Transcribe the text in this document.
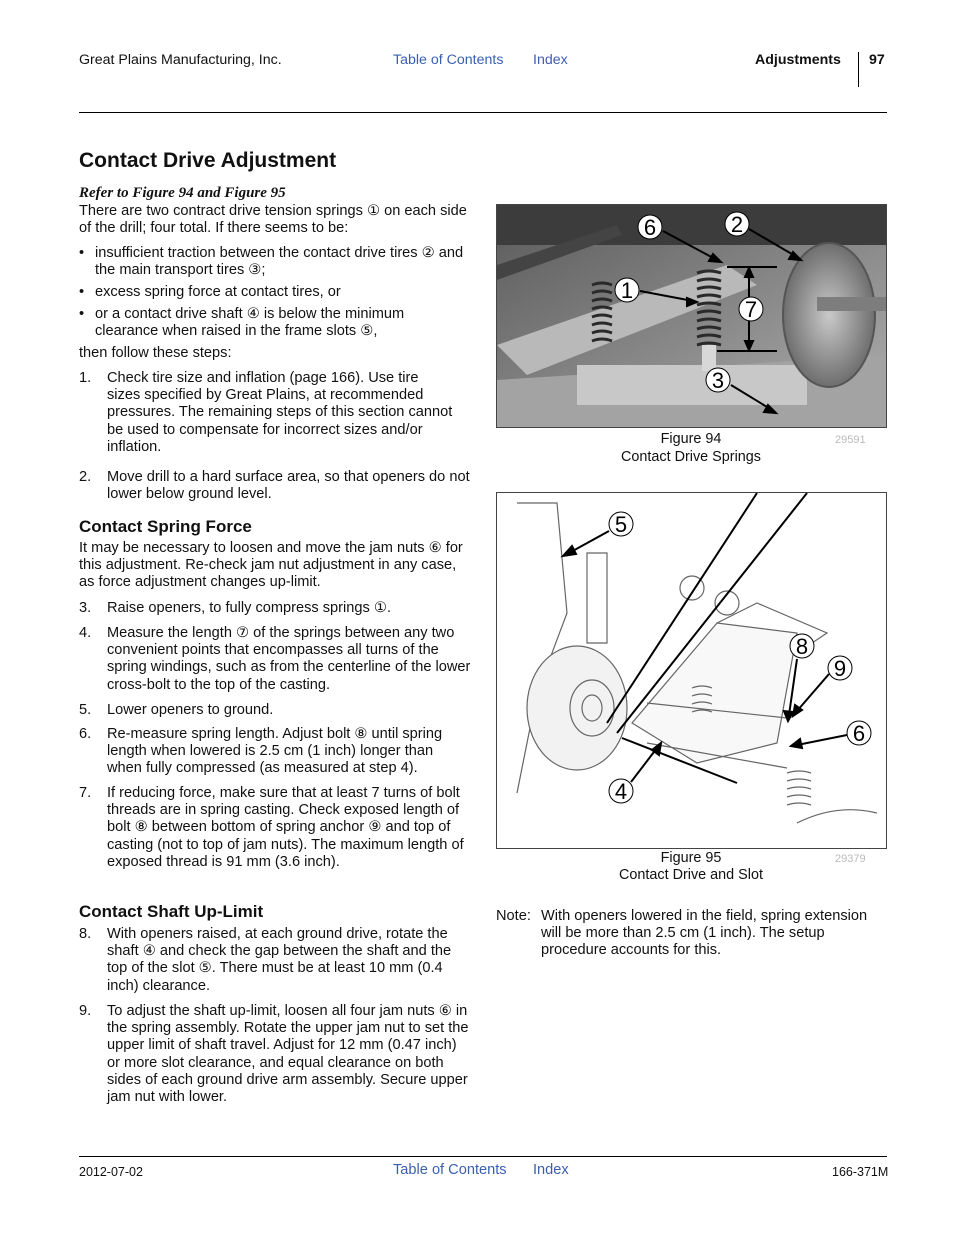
Great Plains Manufacturing, Inc.	Table of Contents Index	Adjustments 97
Contact Drive Adjustment
Refer to Figure 94 and Figure 95
There are two contract drive tension springs ① on each side of the drill; four total. If there seems to be:
• insufficient traction between the contact drive tires ② and the main transport tires ③;
• excess spring force at contact tires, or
• or a contact drive shaft ④ is below the minimum clearance when raised in the frame slots ⑤,
then follow these steps:
1. Check tire size and inflation (page 166). Use tire sizes specified by Great Plains, at recommended pressures. The remaining steps of this section cannot be used to compensate for incorrect sizes and/or inflation.
2. Move drill to a hard surface area, so that openers do not lower below ground level.
Contact Spring Force
It may be necessary to loosen and move the jam nuts ⑥ for this adjustment. Re-check jam nut adjustment in any case, as force adjustment changes up-limit.
3. Raise openers, to fully compress springs ①.
4. Measure the length ⑦ of the springs between any two convenient points that encompasses all turns of the spring windings, such as from the centerline of the lower cross-bolt to the top of the casting.
5. Lower openers to ground.
6. Re-measure spring length. Adjust bolt ⑧ until spring length when lowered is 2.5 cm (1 inch) longer than when fully compressed (as measured at step 4).
7. If reducing force, make sure that at least 7 turns of bolt threads are in spring casting. Check exposed length of bolt ⑧ between bottom of spring anchor ⑨ and top of casting (not to top of jam nuts). The maximum length of exposed thread is 91 mm (3.6 inch).
Contact Shaft Up-Limit
8. With openers raised, at each ground drive, rotate the shaft ④ and check the gap between the shaft and the top of the slot ⑤. There must be at least 10 mm (0.4 inch) clearance.
9. To adjust the shaft up-limit, loosen all four jam nuts ⑥ in the spring assembly. Rotate the upper jam nut to set the upper limit of shaft travel. Adjust for 12 mm (0.47 inch) or more slot clearance, and equal clearance on both sides of each ground drive arm assembly. Secure upper jam nut with lower.
6	2
1
7
3
Figure 94
Contact Drive Springs
29591
5
8
9
6
4
Figure 95
Contact Drive and Slot
29379
Note: With openers lowered in the field, spring extension will be more than 2.5 cm (1 inch). The setup procedure accounts for this.
2012-07-02	Table of Contents Index	166-371M
